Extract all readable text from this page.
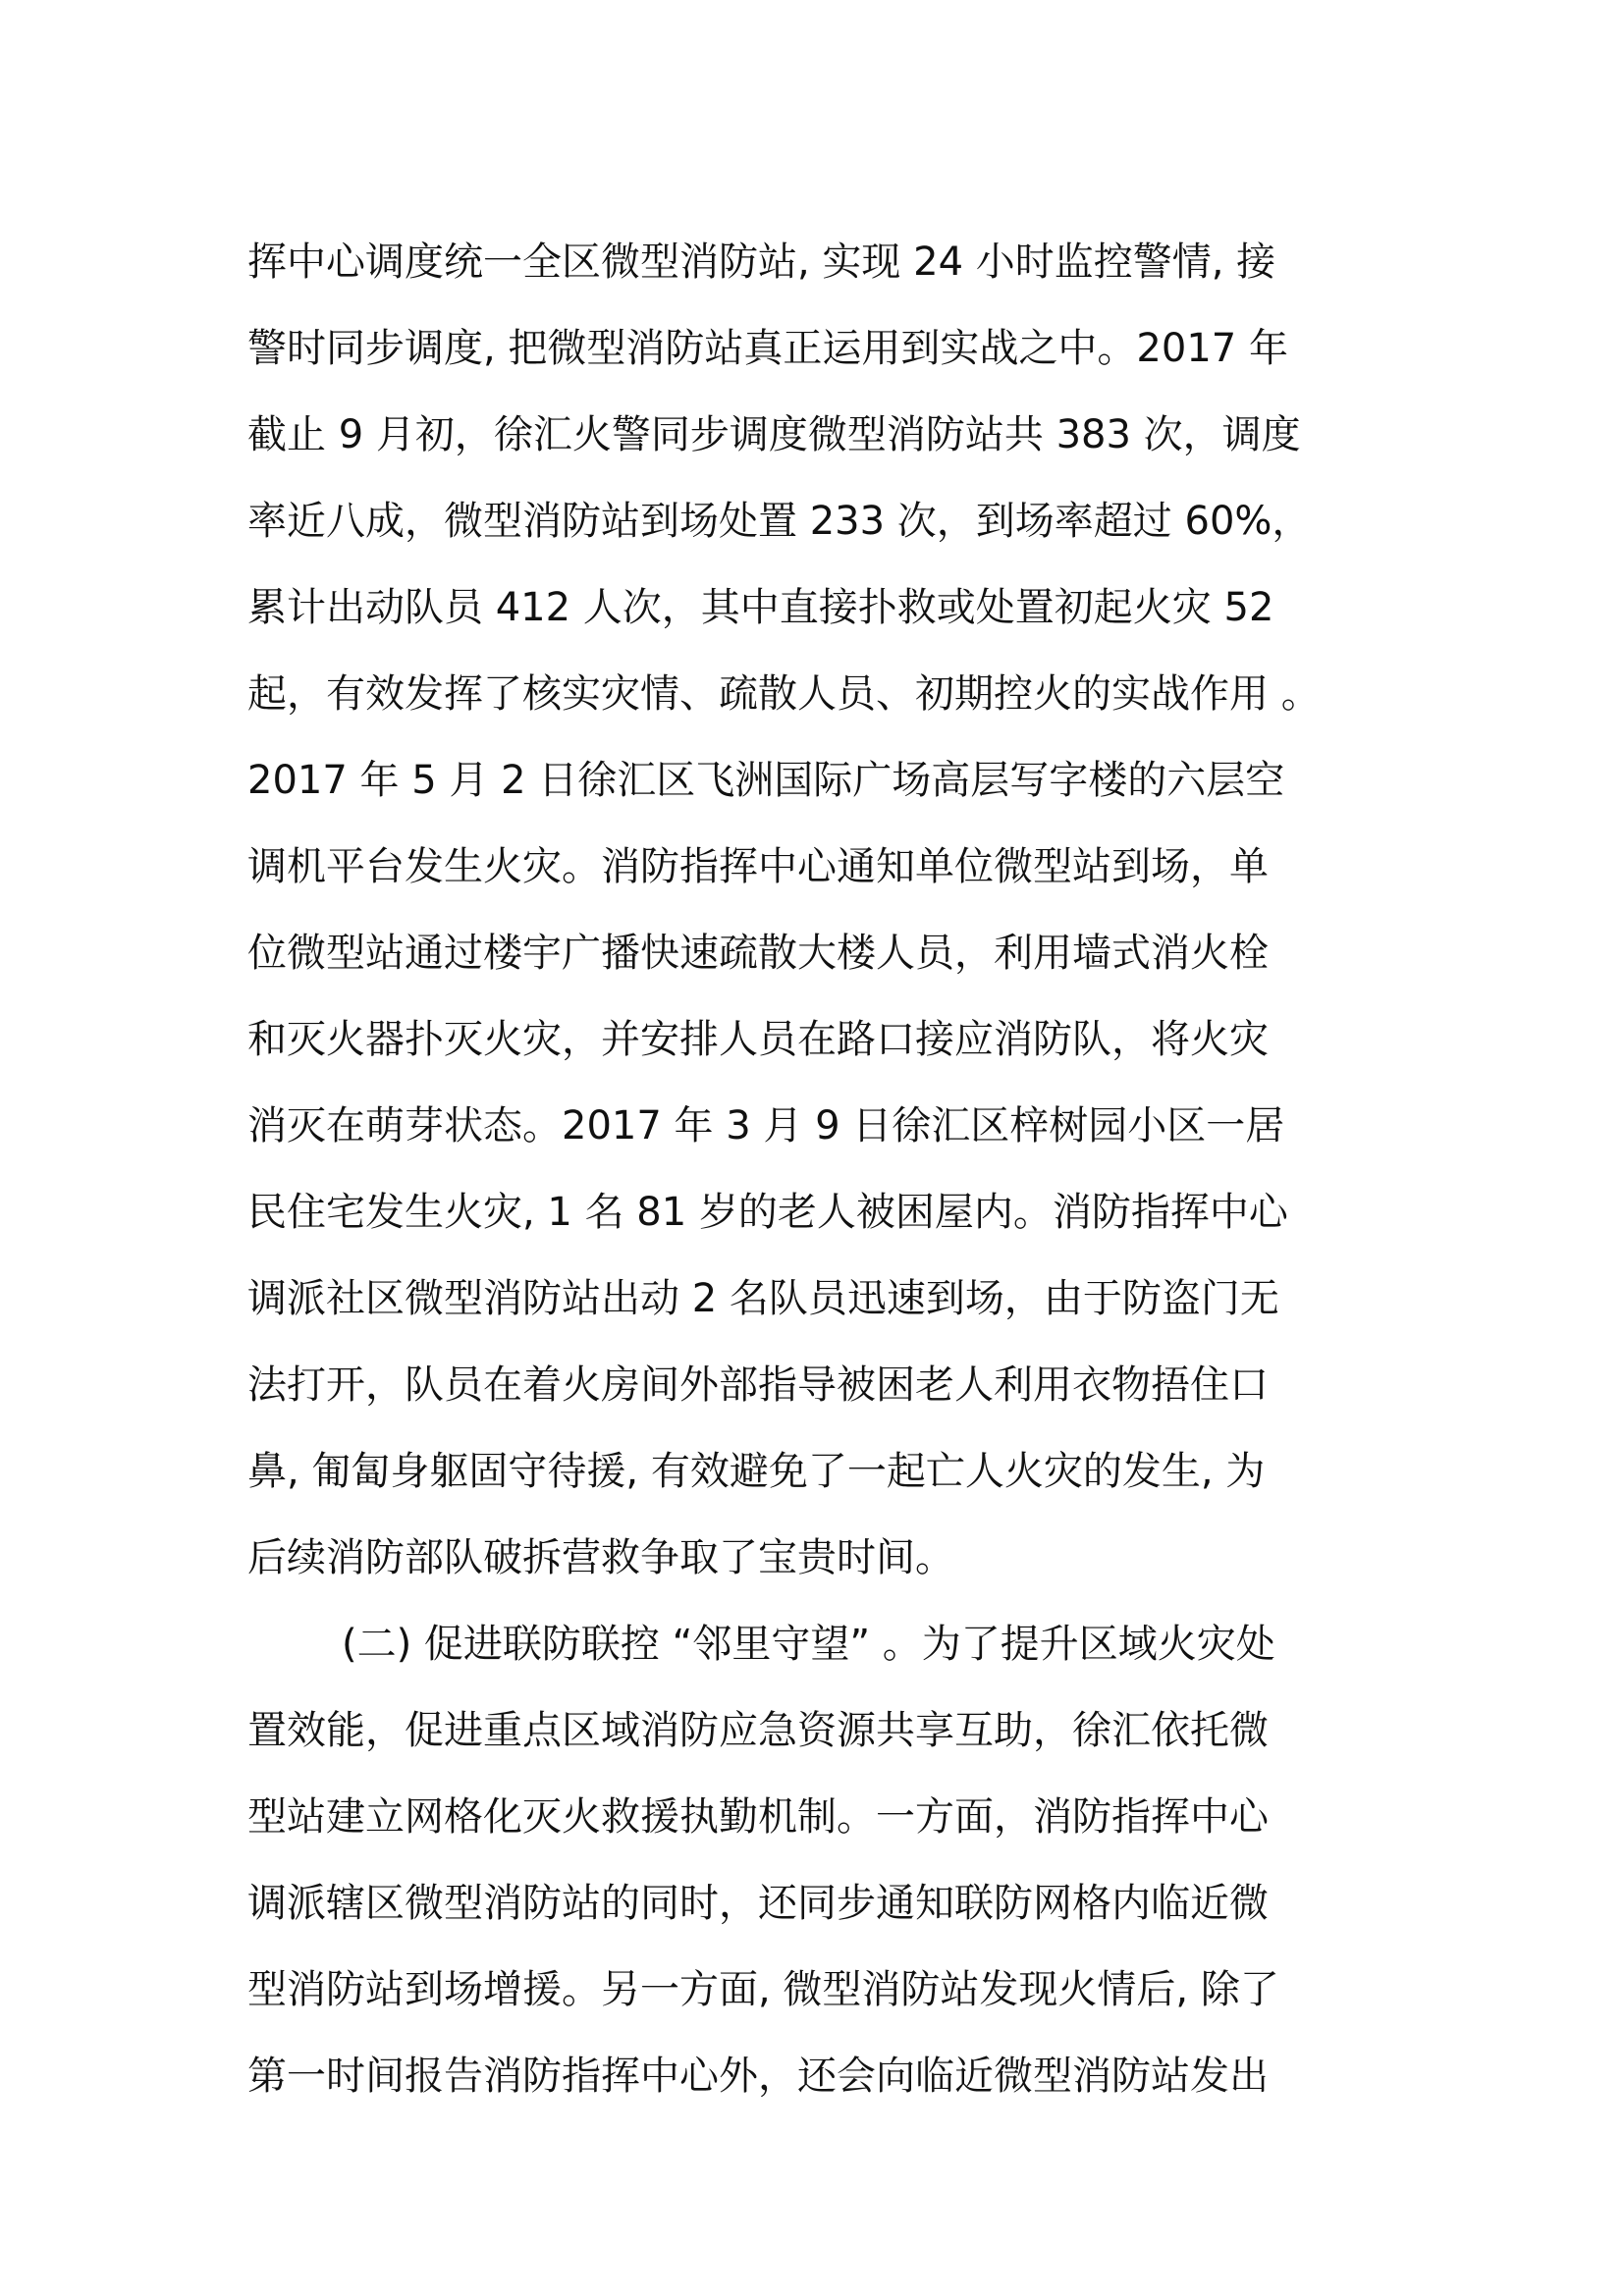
挥中心调度统一全区微型消防站, 实现 24 小时监控警情, 接
警时同步调度, 把微型消防站真正运用到实战之中。2017 年
截止 9 月初，徐汇火警同步调度微型消防站共 383 次，调度
率近八成，微型消防站到场处置 233 次，到场率超过 60%，
累计出动队员 412 人次，其中直接扑救或处置初起火灾 52
起，有效发挥了核实灾情、疏散人员、初期控火的实战作用 。
2017 年 5 月 2 日徐汇区飞洲国际广场高层写字楼的六层空
调机平台发生火灾。消防指挥中心通知单位微型站到场，单
位微型站通过楼宇广播快速疏散大楼人员，利用墙式消火栓
和灭火器扑灭火灾，并安排人员在路口接应消防队，将火灾
消灭在萌芽状态。2017 年 3 月 9 日徐汇区梓树园小区一居
民住宅发生火灾, 1 名 81 岁的老人被困屋内。消防指挥中心
调派社区微型消防站出动 2 名队员迅速到场，由于防盗门无
法打开，队员在着火房间外部指导被困老人利用衣物捂住口
鼻, 匍匐身躯固守待援, 有效避免了一起亡人火灾的发生, 为
后续消防部队破拆营救争取了宝贵时间。
(二) 促进联防联控 “邻里守望” 。为了提升区域火灾处
置效能，促进重点区域消防应急资源共享互助，徐汇依托微
型站建立网格化灭火救援执勤机制。一方面，消防指挥中心
调派辖区微型消防站的同时，还同步通知联防网格内临近微
型消防站到场增援。另一方面, 微型消防站发现火情后, 除了
第一时间报告消防指挥中心外，还会向临近微型消防站发出
